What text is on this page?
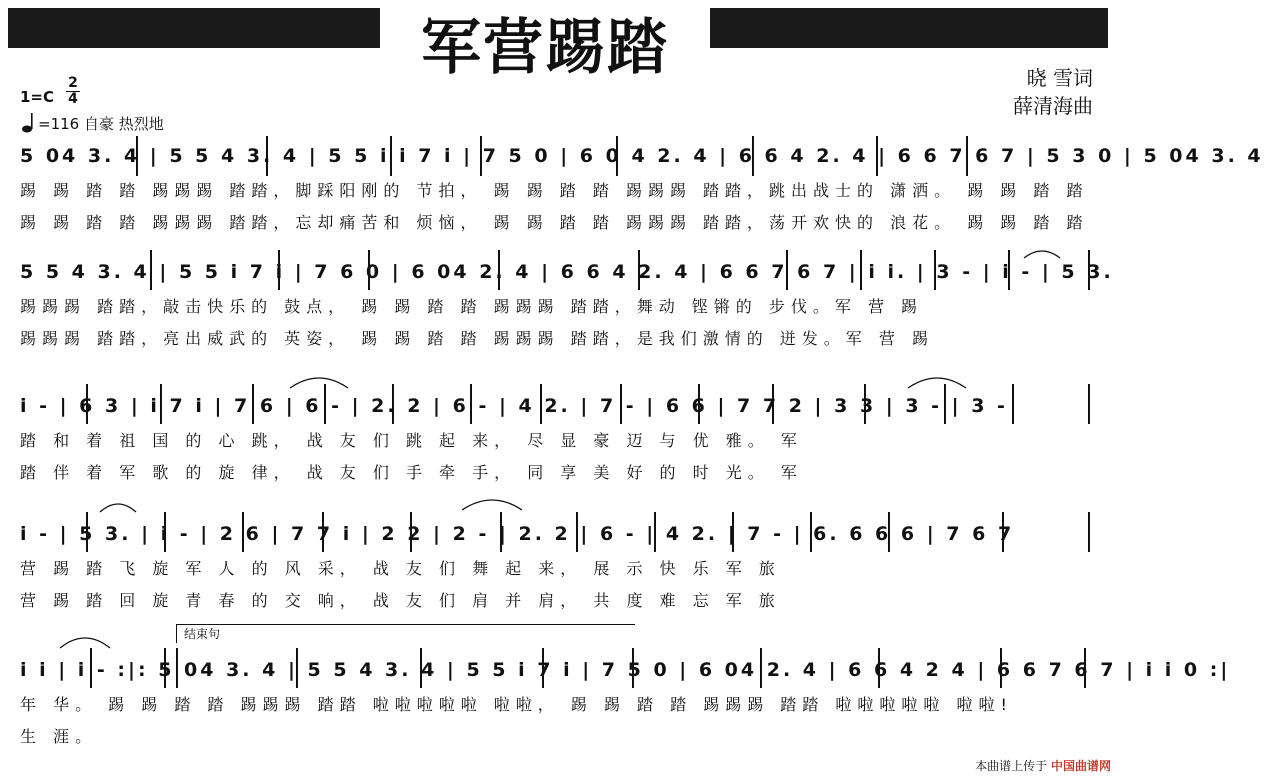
军营踢踏	晓 雪词
薛清海曲
1=C
2
4
=116 自豪 热烈地
5 04 3. 4 | 5 5 4 3. 4 | 5 5 i i 7 i | 7 5 0 | 6 0 4 2. 4 | 6 6 4 2. 4 | 6 6 7 6 7 | 5 3 0 | 5 04 3. 4
踢 踢 踏 踏 踢踢踢 踏踏，脚踩阳刚的 节拍， 踢 踢 踏 踏 踢踢踢 踏踏，跳出战士的 潇洒。 踢 踢 踏 踏
踢 踢 踏 踏 踢踢踢 踏踏，忘却痛苦和 烦恼， 踢 踢 踏 踏 踢踢踢 踏踏，荡开欢快的 浪花。 踢 踢 踏 踏
5 5 4 3. 4 | 5 5 i 7 i | 7 6 0 | 6 04 2. 4 | 6 6 4 2. 4 | 6 6 7 6 7 | i i. | 3 - | i - | 5 3.
踢踢踢 踏踏，敲击快乐的 鼓点， 踢 踢 踏 踏 踢踢踢 踏踏，舞动 铿锵的 步伐。军 营 踢
踢踢踢 踏踏，亮出威武的 英姿， 踢 踢 踏 踏 踢踢踢 踏踏，是我们激情的 迸发。军 营 踢
i - | 6 3 | i 7 i | 7 6 | 6 - | 2. 2 | 6 - | 4 2. | 7 - | 6 6 | 7 7 2 | 3 3 | 3 - | 3 -
踏 和 着 祖 国 的 心 跳， 战 友 们 跳 起 来， 尽 显 豪 迈 与 优 雅。 军
踏 伴 着 军 歌 的 旋 律， 战 友 们 手 牵 手， 同 享 美 好 的 时 光。 军
i - | 5 3. | i - | 2 6 | 7 7 i | 2 2 | 2 - | 2. 2 | 6 - | 4 2. | 7 - | 6. 6 6 6 | 7 6 7
营 踢 踏 飞 旋 军 人 的 风 采， 战 友 们 舞 起 来， 展 示 快 乐 军 旅
营 踢 踏 回 旋 青 春 的 交 响， 战 友 们 肩 并 肩， 共 度 难 忘 军 旅
结束句
i i | i - :|: 5 04 3. 4 | 5 5 4 3. 4 | 5 5 i 7 i | 7 5 0 | 6 04 2. 4 | 6 6 4 2 4 | 6 6 7 6 7 | i i 0 :|
年 华。 踢 踢 踏 踏 踢踢踢 踏踏 啦啦啦啦啦 啦啦， 踢 踢 踏 踏 踢踢踢 踏踏 啦啦啦啦啦 啦啦!
生 涯。
本曲谱上传于 中国曲谱网
